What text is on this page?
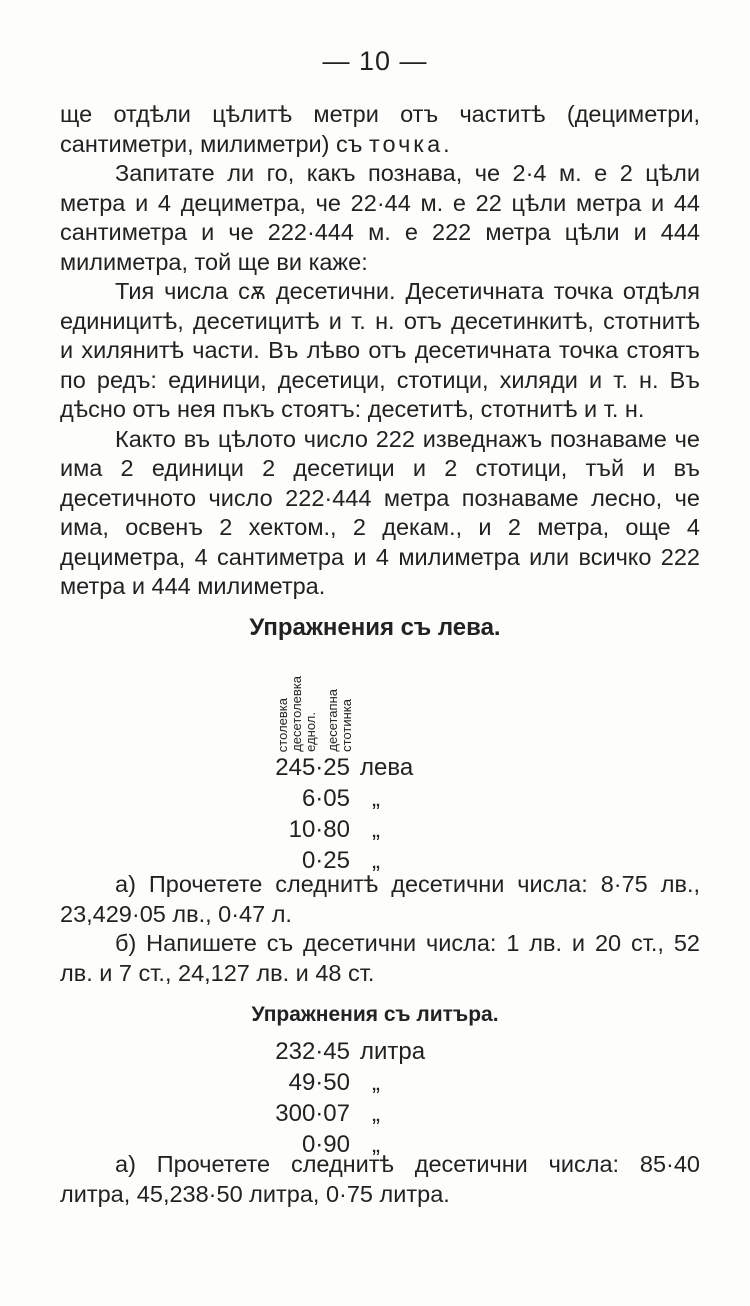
— 10 —

ще отдѣли цѣлитѣ метри отъ частитѣ (дециметри, сантиметри, милиметри) съ точка.

Запитате ли го, какъ познава, че 2·4 м. е 2 цѣли метра и 4 дециметра, че 22·44 м. е 22 цѣли метра и 44 сантиметра и че 222·444 м. е 222 метра цѣли и 444 милиметра, той ще ви каже:

Тия числа сѫ десетични. Десетичната точка отдѣля единицитѣ, десетицитѣ и т. н. отъ десетинкитѣ, стотнитѣ и хилянитѣ части. Въ лѣво отъ десетичната точка стоятъ по редъ: единици, десетици, стотици, хиляди и т. н. Въ дѣсно отъ нея пъкъ стоятъ: десетитѣ, стотнитѣ и т. н.

Както въ цѣлото число 222 изведнажъ познаваме че има 2 единици 2 десетици и 2 стотици, тъй и въ десетичното число 222·444 метра познаваме лесно, че има, освенъ 2 хектом., 2 декам., и 2 метра, още 4 дециметра, 4 сантиметра и 4 милиметра или всичко 222 метра и 444 милиметра.

Упражнения съ лева.
столевка десетолевка еднол. десетапна стотинка
245·25 лева
6·05 „
10·80 „
0·25 „

а) Прочетете следнитѣ десетични числа: 8·75 лв., 23,429·05 лв., 0·47 л.

б) Напишете съ десетични числа: 1 лв. и 20 ст., 52 лв. и 7 ст., 24,127 лв. и 48 ст.

Упражнения съ литъра.
232·45 литра
49·50 „
300·07 „
0·90 „

а) Прочетете следнитѣ десетични числа: 85·40 литра, 45,238·50 литра, 0·75 литра.
